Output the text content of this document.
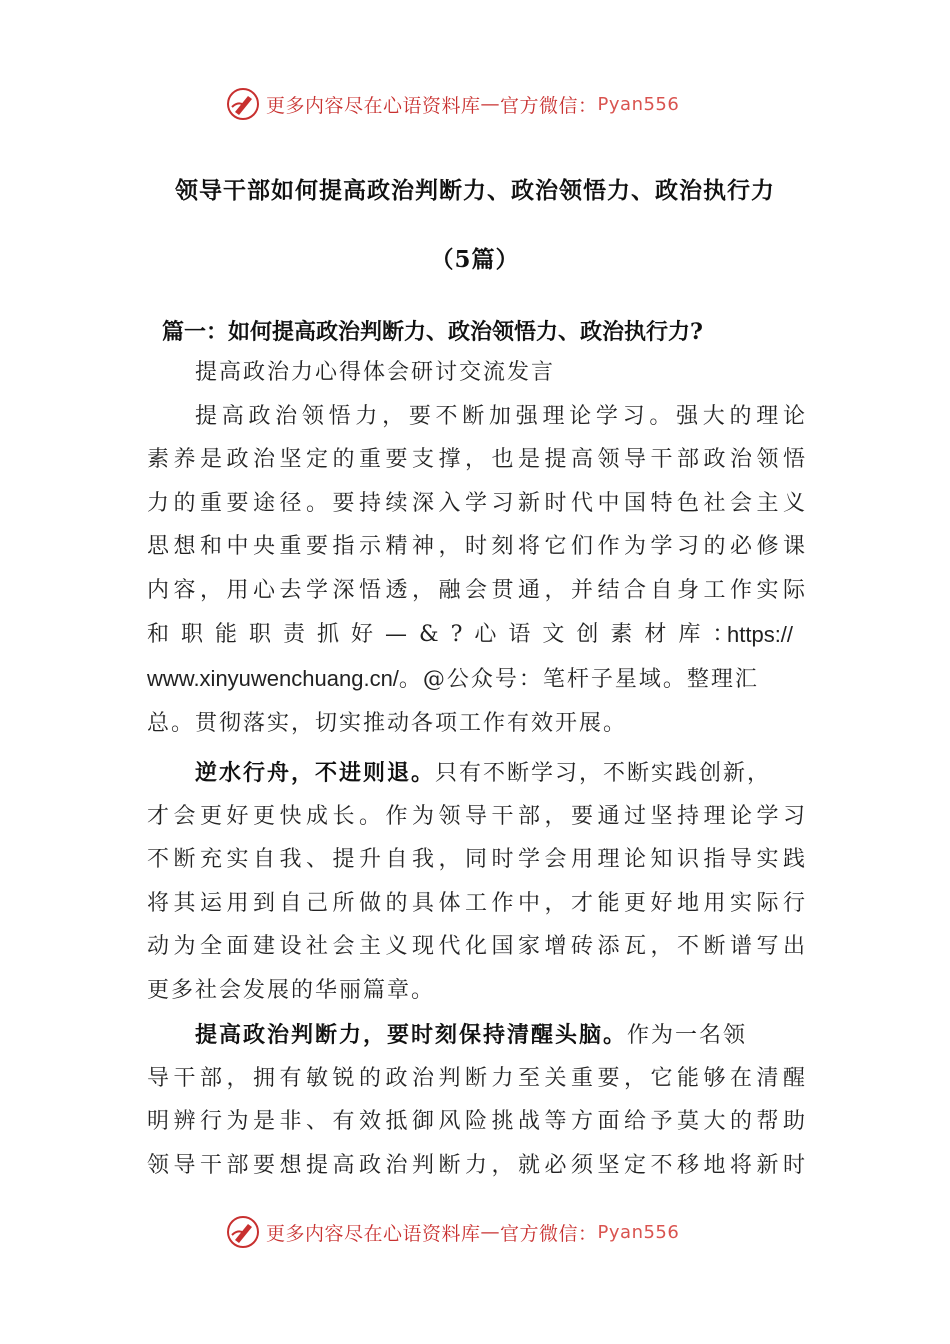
更多内容尽在心语资料库 — 官方微信： Pyan556
领导干部如何提高政治判断力、政治领悟力、政治执行力
（5篇）
篇一：如何提高政治判断力、政治领悟力、政治执行力?
提高政治力心得体会研讨交流发言
提高政治领悟力，要不断加强理论学习。强大的理论
素养是政治坚定的重要支撑，也是提高领导干部政治领悟
力的重要途径。要持续深入学习新时代中国特色社会主义
思想和中央重要指示精神，时刻将它们作为学习的必修课
内容，用心去学深悟透，融会贯通，并结合自身工作实际
和职能职责抓好—&?心语文创素材库：
https://
www.xinyuwenchuang.cn/。@公众号：笔杆子星域。整理汇
总。贯彻落实，切实推动各项工作有效开展。
逆水行舟，不进则退。只有不断学习，不断实践创新，
才会更好更快成长。作为领导干部，要通过坚持理论学习
不断充实自我、提升自我，同时学会用理论知识指导实践
将其运用到自己所做的具体工作中，才能更好地用实际行
动为全面建设社会主义现代化国家增砖添瓦，不断谱写出
更多社会发展的华丽篇章。
提高政治判断力，要时刻保持清醒头脑。作为一名领
导干部，拥有敏锐的政治判断力至关重要，它能够在清醒
明辨行为是非、有效抵御风险挑战等方面给予莫大的帮助
领导干部要想提高政治判断力，就必须坚定不移地将新时
更多内容尽在心语资料库 — 官方微信： Pyan556
